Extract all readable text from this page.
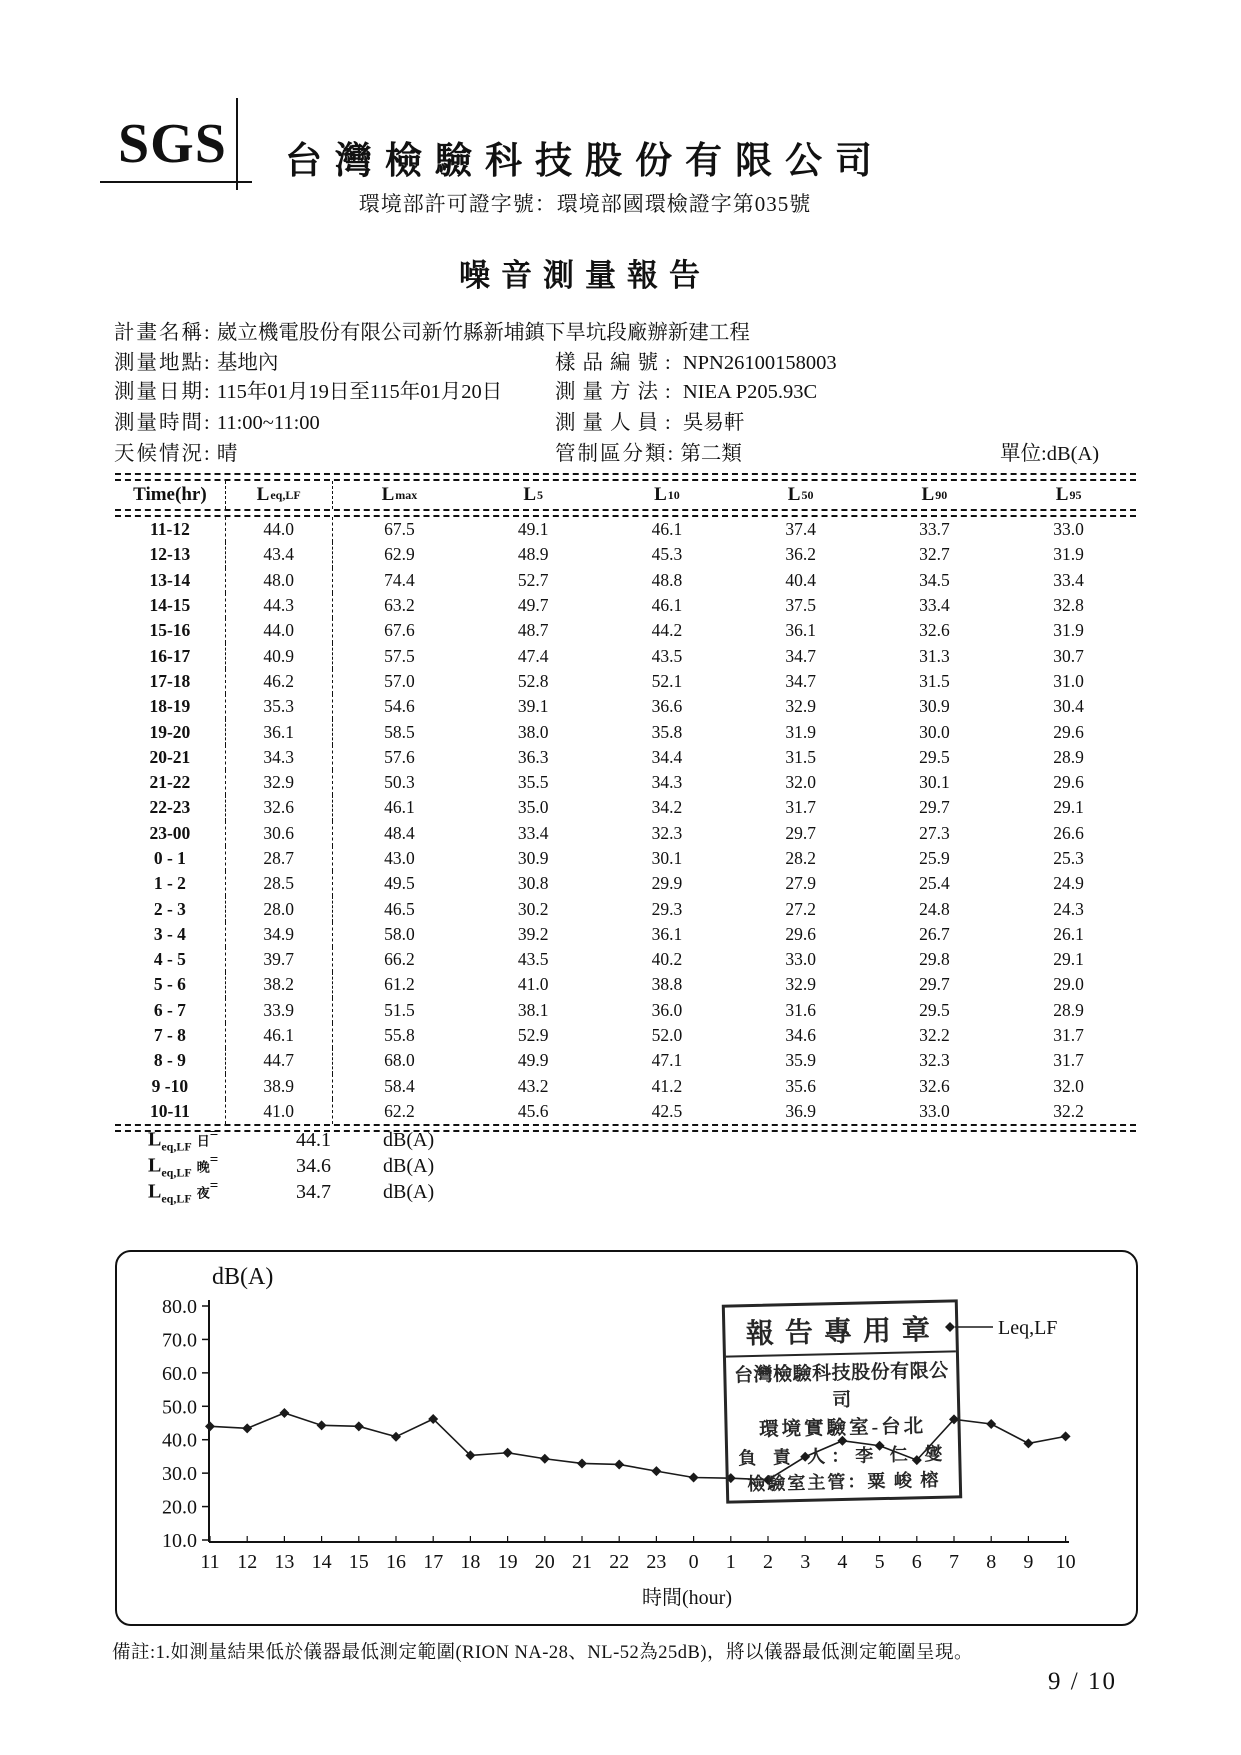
SGS	台灣檢驗科技股份有限公司
環境部許可證字號：環境部國環檢證字第035號
噪音測量報告
計畫名稱: 崴立機電股份有限公司新竹縣新埔鎮下旱坑段廠辦新建工程
測量地點: 基地內	樣品編號: NPN26100158003
測量日期: 115年01月19日至115年01月20日	測量方法: NIEA P205.93C
測量時間: 11:00~11:00	測量人員: 吳易軒
天候情況: 晴	管制區分類: 第二類	單位:dB(A)
Time(hr)	L eq,LF	L max	L 5	L 10	L 50	L 90	L 95
11-12	44.0	67.5	49.1	46.1	37.4	33.7	33.0
12-13	43.4	62.9	48.9	45.3	36.2	32.7	31.9
13-14	48.0	74.4	52.7	48.8	40.4	34.5	33.4
14-15	44.3	63.2	49.7	46.1	37.5	33.4	32.8
15-16	44.0	67.6	48.7	44.2	36.1	32.6	31.9
16-17	40.9	57.5	47.4	43.5	34.7	31.3	30.7
17-18	46.2	57.0	52.8	52.1	34.7	31.5	31.0
18-19	35.3	54.6	39.1	36.6	32.9	30.9	30.4
19-20	36.1	58.5	38.0	35.8	31.9	30.0	29.6
20-21	34.3	57.6	36.3	34.4	31.5	29.5	28.9
21-22	32.9	50.3	35.5	34.3	32.0	30.1	29.6
22-23	32.6	46.1	35.0	34.2	31.7	29.7	29.1
23-00	30.6	48.4	33.4	32.3	29.7	27.3	26.6
0 - 1	28.7	43.0	30.9	30.1	28.2	25.9	25.3
1 - 2	28.5	49.5	30.8	29.9	27.9	25.4	24.9
2 - 3	28.0	46.5	30.2	29.3	27.2	24.8	24.3
3 - 4	34.9	58.0	39.2	36.1	29.6	26.7	26.1
4 - 5	39.7	66.2	43.5	40.2	33.0	29.8	29.1
5 - 6	38.2	61.2	41.0	38.8	32.9	29.7	29.0
6 - 7	33.9	51.5	38.1	36.0	31.6	29.5	28.9
7 - 8	46.1	55.8	52.9	52.0	34.6	32.2	31.7
8 - 9	44.7	68.0	49.9	47.1	35.9	32.3	31.7
9 -10	38.9	58.4	43.2	41.2	35.6	32.6	32.0
10-11	41.0	62.2	45.6	42.5	36.9	33.0	32.2
$L_{eq,LF}$ 日=	44.1	dB(A)
$L_{eq,LF}$ 晚=	34.6	dB(A)
$L_{eq,LF}$ 夜=	34.7	dB(A)
80.0
70.0
60.0
50.0
40.0
30.0
20.0
10.0
11 12 13 14 15 16 17 18 19 20 21 22 23 0 1 2 3 4 5 6 7 8 9 10
dB(A)
Leq,LF
時間(hour)
報告專用章
台灣檢驗科技股份有限公司
環境實驗室-台北
負 責 人：李 仁 燮
檢驗室主管：粟 峻 榕
備註:1.如測量結果低於儀器最低測定範圍(RION NA-28、NL-52為25dB)，將以儀器最低測定範圍呈現。
9 / 10
